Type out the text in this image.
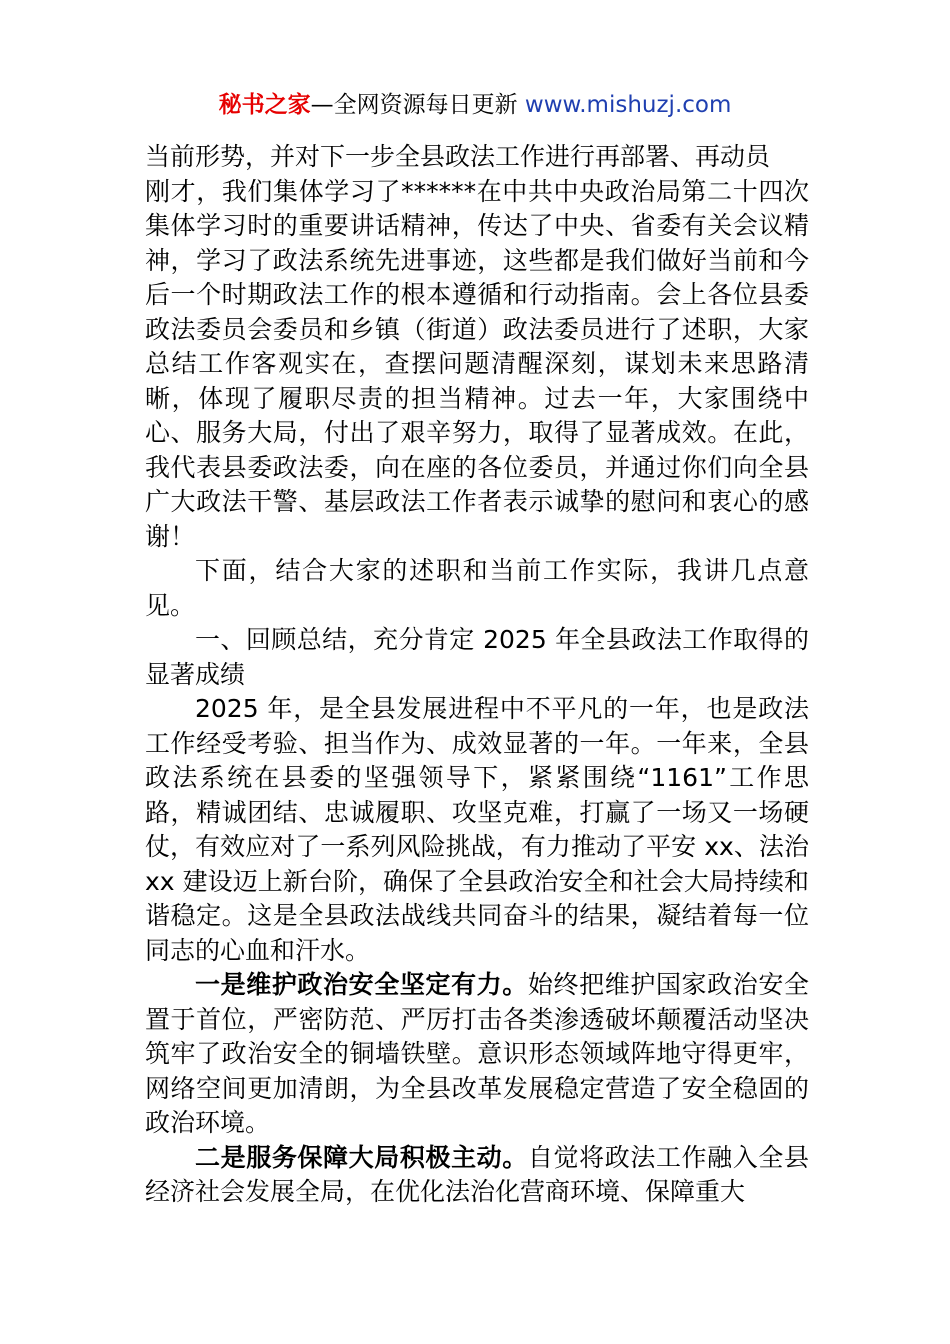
秘书之家—全网资源每日更新 www.mishuzj.com

当前形势，并对下一步全县政法工作进行再部署、再动员

刚才，我们集体学习了******在中共中央政治局第二十四次集体学习时的重要讲话精神，传达了中央、省委有关会议精神，学习了政法系统先进事迹，这些都是我们做好当前和今后一个时期政法工作的根本遵循和行动指南。会上各位县委政法委员会委员和乡镇（街道）政法委员进行了述职，大家总结工作客观实在，查摆问题清醒深刻，谋划未来思路清晰，体现了履职尽责的担当精神。过去一年，大家围绕中心、服务大局，付出了艰辛努力，取得了显著成效。在此，我代表县委政法委，向在座的各位委员，并通过你们向全县广大政法干警、基层政法工作者表示诚挚的慰问和衷心的感谢！

下面，结合大家的述职和当前工作实际，我讲几点意见。

一、回顾总结，充分肯定 2025 年全县政法工作取得的显著成绩

2025 年，是全县发展进程中不平凡的一年，也是政法工作经受考验、担当作为、成效显著的一年。一年来，全县政法系统在县委的坚强领导下，紧紧围绕“1161”工作思路，精诚团结、忠诚履职、攻坚克难，打赢了一场又一场硬仗，有效应对了一系列风险挑战，有力推动了平安 xx、法治 xx 建设迈上新台阶，确保了全县政治安全和社会大局持续和谐稳定。这是全县政法战线共同奋斗的结果，凝结着每一位同志的心血和汗水。

一是维护政治安全坚定有力。始终把维护国家政治安全置于首位，严密防范、严厉打击各类渗透破坏颠覆活动坚决筑牢了政治安全的铜墙铁壁。意识形态领域阵地守得更牢，网络空间更加清朗，为全县改革发展稳定营造了安全稳固的政治环境。

二是服务保障大局积极主动。自觉将政法工作融入全县经济社会发展全局，在优化法治化营商环境、保障重大
